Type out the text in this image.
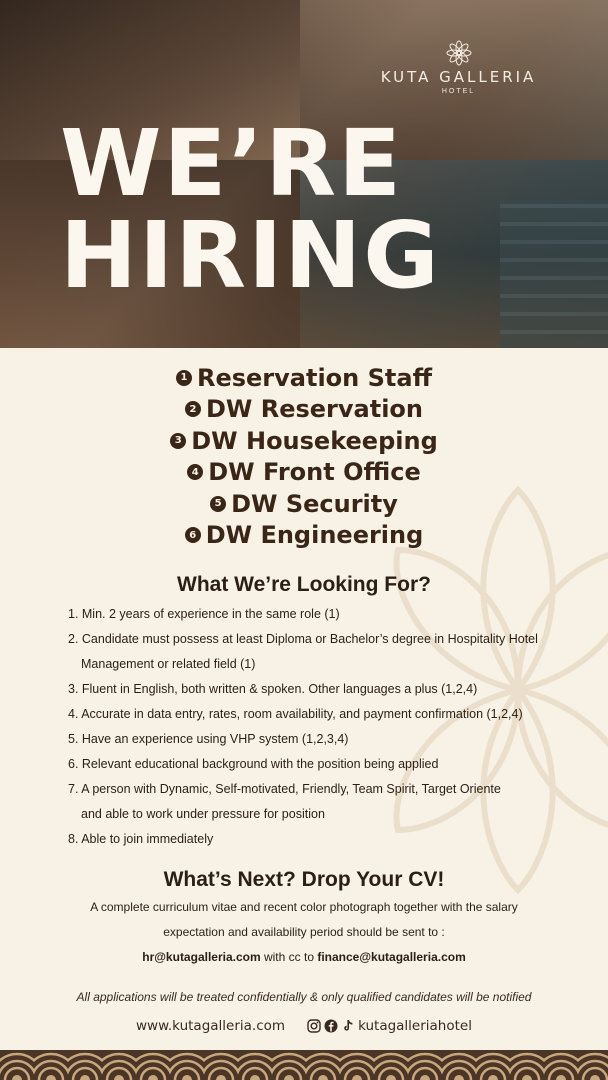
KUTA GALLERIA
HOTEL
WE’RE
HIRING
1 Reservation Staff
2 DW Reservation
3 DW Housekeeping
4 DW Front Office
5 DW Security
6 DW Engineering
What We’re Looking For?
1. Min. 2 years of experience in the same role (1)
2. Candidate must possess at least Diploma or Bachelor’s degree in Hospitality Hotel
Management or related field (1)
3. Fluent in English, both written & spoken. Other languages a plus (1,2,4)
4. Accurate in data entry, rates, room availability, and payment confirmation (1,2,4)
5. Have an experience using VHP system (1,2,3,4)
6. Relevant educational background with the position being applied
7. A person with Dynamic, Self-motivated, Friendly, Team Spirit, Target Oriente
and able to work under pressure for position
8. Able to join immediately
What’s Next? Drop Your CV!

A complete curriculum vitae and recent color photograph together with the salary

expectation and availability period should be sent to :

hr@kutagalleria.com with cc to finance@kutagalleria.com
All applications will be treated confidentially & only qualified candidates will be notified
www.kutagalleria.com	kutagalleriahotel
